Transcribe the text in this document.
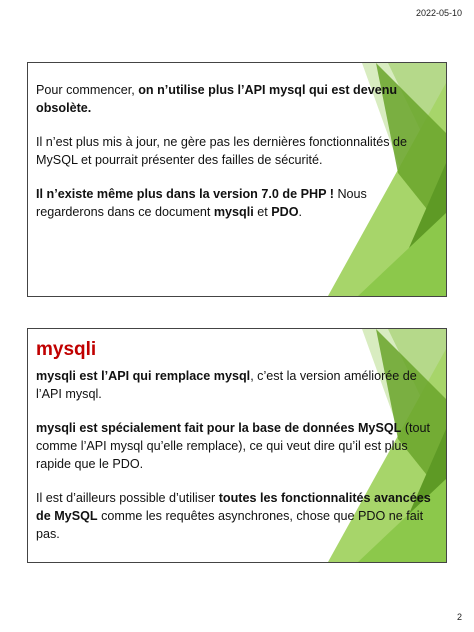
2022-05-10

Pour commencer, on n’utilise plus l’API mysql qui est devenu obsolète.

Il n’est plus mis à jour, ne gère pas les dernières fonctionnalités de MySQL et pourrait présenter des failles de sécurité.

Il n’existe même plus dans la version 7.0 de PHP ! Nous regarderons dans ce document mysqli et PDO.

mysqli

mysqli est l’API qui remplace mysql, c’est la version améliorée de l’API mysql.

mysqli est spécialement fait pour la base de données MySQL (tout comme l’API mysql qu’elle remplace), ce qui veut dire qu’il est plus rapide que le PDO.

Il est d’ailleurs possible d’utiliser toutes les fonctionnalités avancées de MySQL comme les requêtes asynchrones, chose que PDO ne fait pas.

2
